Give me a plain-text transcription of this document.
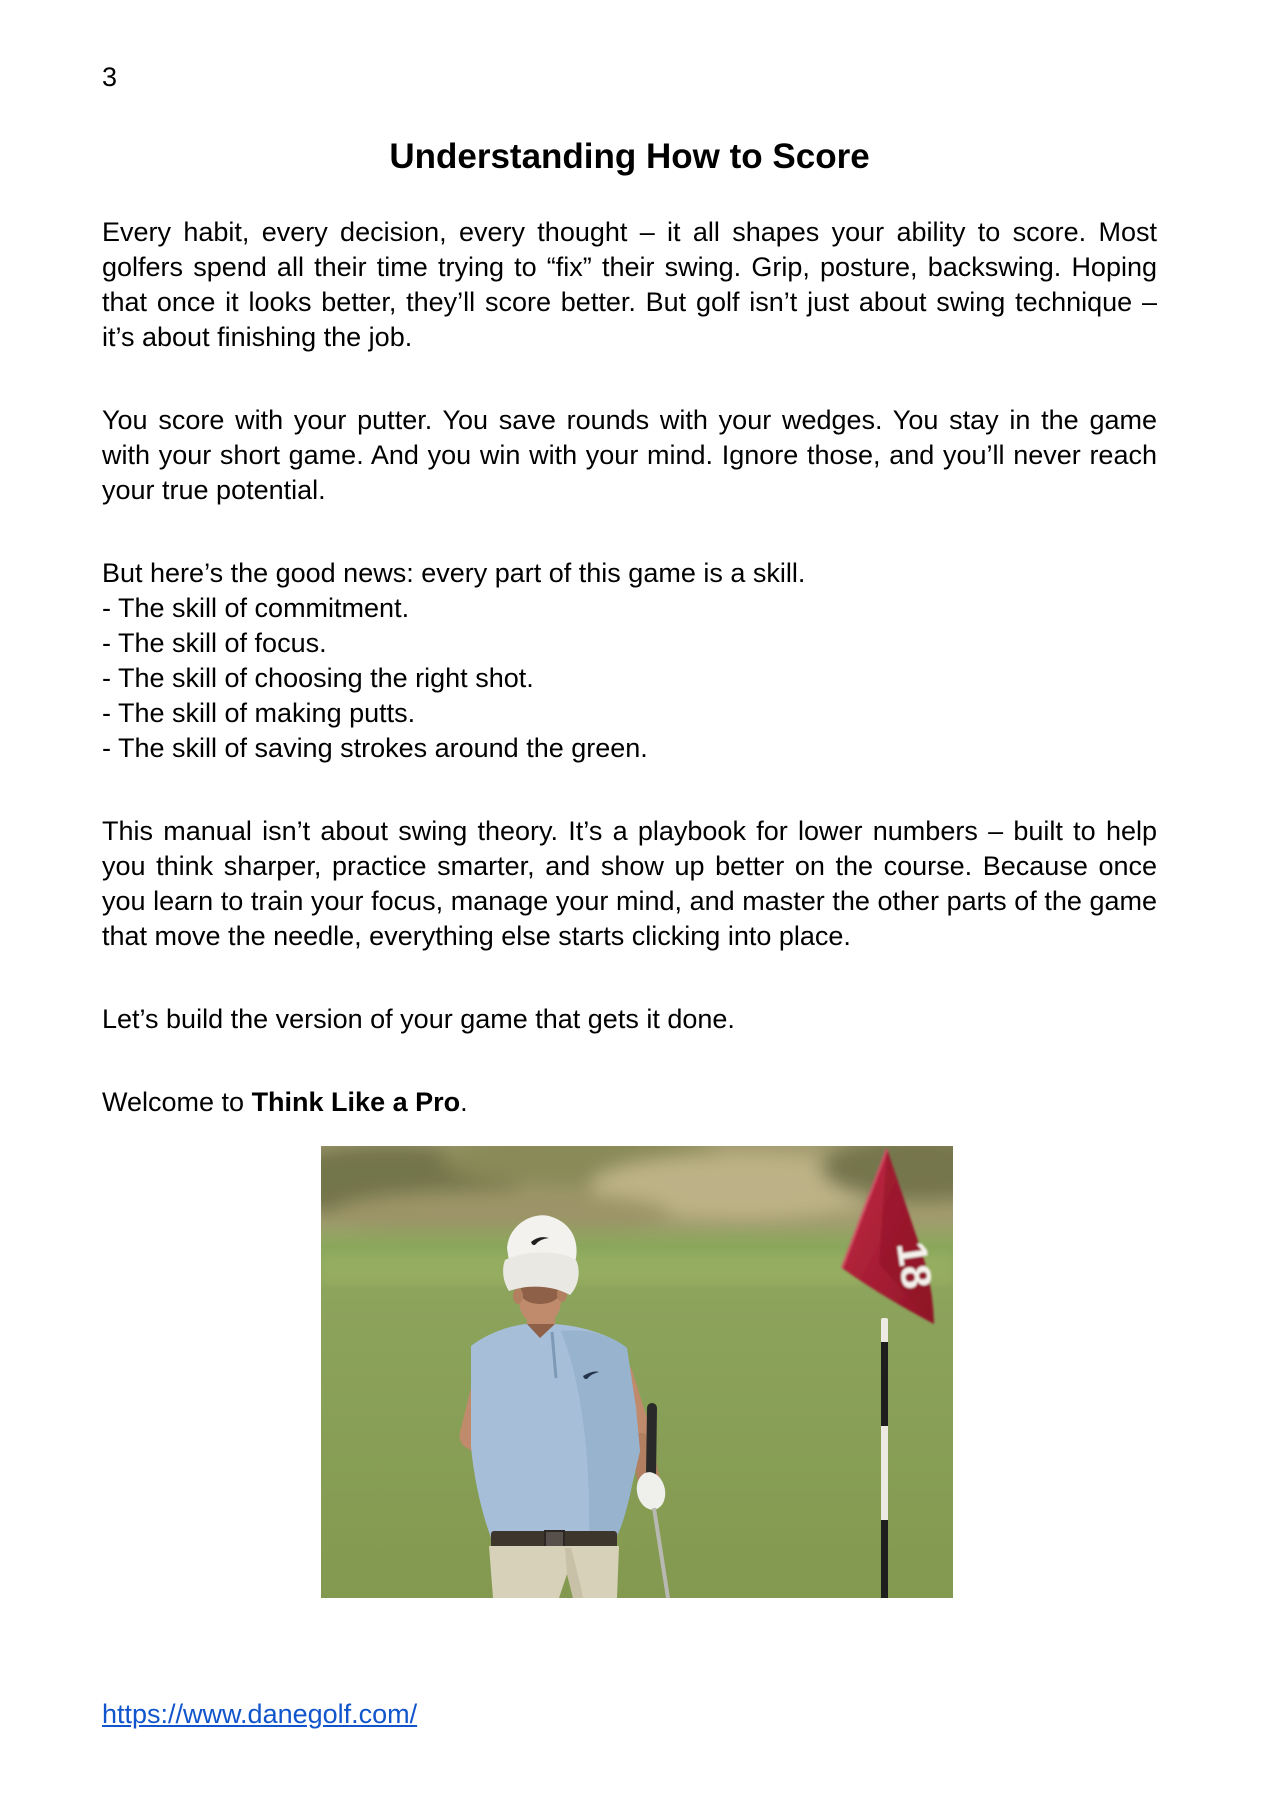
3
Understanding How to Score

Every habit, every decision, every thought – it all shapes your ability to score. Most golfers spend all their time trying to “fix” their swing. Grip, posture, backswing. Hoping that once it looks better, they’ll score better. But golf isn’t just about swing technique – it’s about finishing the job.

You score with your putter. You save rounds with your wedges. You stay in the game with your short game. And you win with your mind. Ignore those, and you’ll never reach your true potential.

But here’s the good news: every part of this game is a skill.
- The skill of commitment.
- The skill of focus.
- The skill of choosing the right shot.
- The skill of making putts.
- The skill of saving strokes around the green.

This manual isn’t about swing theory. It’s a playbook for lower numbers – built to help you think sharper, practice smarter, and show up better on the course. Because once you learn to train your focus, manage your mind, and master the other parts of the game that move the needle, everything else starts clicking into place.

Let’s build the version of your game that gets it done.

Welcome to Think Like a Pro.

18

https://www.danegolf.com/
